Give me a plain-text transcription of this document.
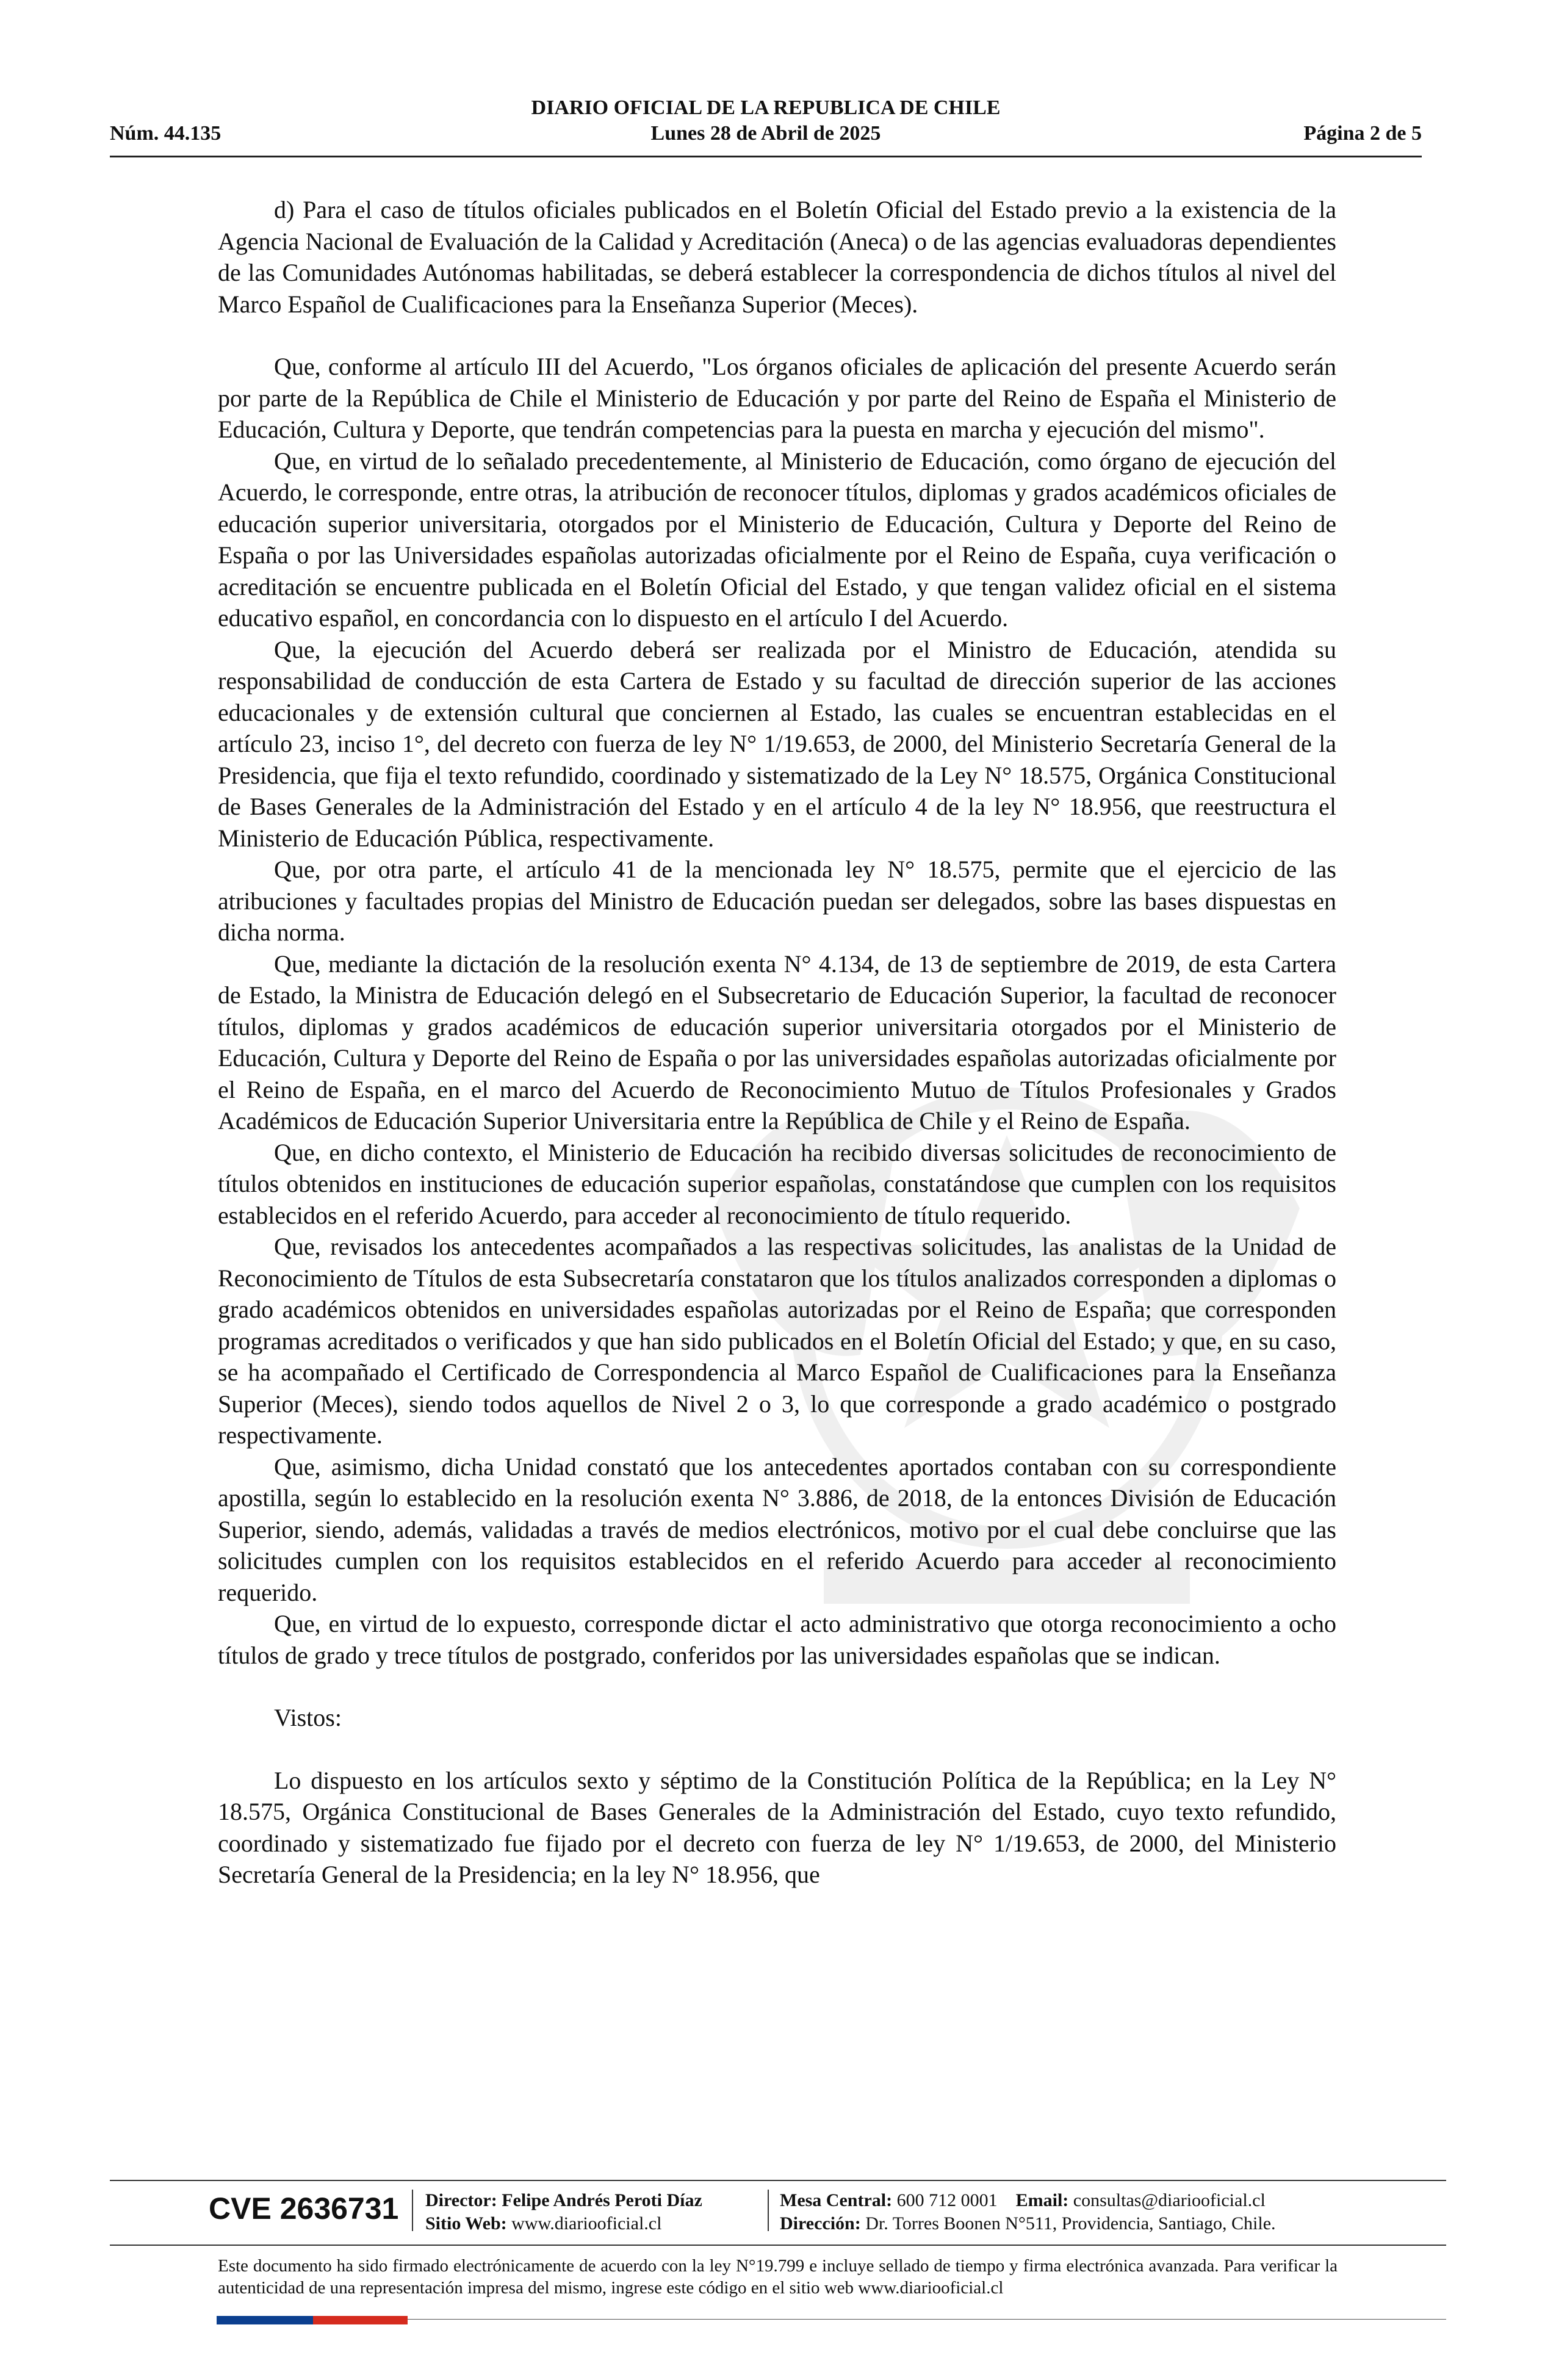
DIARIO OFICIAL DE LA REPUBLICA DE CHILE
Núm. 44.135	Lunes 28 de Abril de 2025	Página 2 de 5

d) Para el caso de títulos oficiales publicados en el Boletín Oficial del Estado previo a la existencia de la Agencia Nacional de Evaluación de la Calidad y Acreditación (Aneca) o de las agencias evaluadoras dependientes de las Comunidades Autónomas habilitadas, se deberá establecer la correspondencia de dichos títulos al nivel del Marco Español de Cualificaciones para la Enseñanza Superior (Meces).

Que, conforme al artículo III del Acuerdo, "Los órganos oficiales de aplicación del presente Acuerdo serán por parte de la República de Chile el Ministerio de Educación y por parte del Reino de España el Ministerio de Educación, Cultura y Deporte, que tendrán competencias para la puesta en marcha y ejecución del mismo".

Que, en virtud de lo señalado precedentemente, al Ministerio de Educación, como órgano de ejecución del Acuerdo, le corresponde, entre otras, la atribución de reconocer títulos, diplomas y grados académicos oficiales de educación superior universitaria, otorgados por el Ministerio de Educación, Cultura y Deporte del Reino de España o por las Universidades españolas autorizadas oficialmente por el Reino de España, cuya verificación o acreditación se encuentre publicada en el Boletín Oficial del Estado, y que tengan validez oficial en el sistema educativo español, en concordancia con lo dispuesto en el artículo I del Acuerdo.

Que, la ejecución del Acuerdo deberá ser realizada por el Ministro de Educación, atendida su responsabilidad de conducción de esta Cartera de Estado y su facultad de dirección superior de las acciones educacionales y de extensión cultural que conciernen al Estado, las cuales se encuentran establecidas en el artículo 23, inciso 1°, del decreto con fuerza de ley N° 1/19.653, de 2000, del Ministerio Secretaría General de la Presidencia, que fija el texto refundido, coordinado y sistematizado de la Ley N° 18.575, Orgánica Constitucional de Bases Generales de la Administración del Estado y en el artículo 4 de la ley N° 18.956, que reestructura el Ministerio de Educación Pública, respectivamente.

Que, por otra parte, el artículo 41 de la mencionada ley N° 18.575, permite que el ejercicio de las atribuciones y facultades propias del Ministro de Educación puedan ser delegados, sobre las bases dispuestas en dicha norma.

Que, mediante la dictación de la resolución exenta N° 4.134, de 13 de septiembre de 2019, de esta Cartera de Estado, la Ministra de Educación delegó en el Subsecretario de Educación Superior, la facultad de reconocer títulos, diplomas y grados académicos de educación superior universitaria otorgados por el Ministerio de Educación, Cultura y Deporte del Reino de España o por las universidades españolas autorizadas oficialmente por el Reino de España, en el marco del Acuerdo de Reconocimiento Mutuo de Títulos Profesionales y Grados Académicos de Educación Superior Universitaria entre la República de Chile y el Reino de España.

Que, en dicho contexto, el Ministerio de Educación ha recibido diversas solicitudes de reconocimiento de títulos obtenidos en instituciones de educación superior españolas, constatándose que cumplen con los requisitos establecidos en el referido Acuerdo, para acceder al reconocimiento de título requerido.

Que, revisados los antecedentes acompañados a las respectivas solicitudes, las analistas de la Unidad de Reconocimiento de Títulos de esta Subsecretaría constataron que los títulos analizados corresponden a diplomas o grado académicos obtenidos en universidades españolas autorizadas por el Reino de España; que corresponden programas acreditados o verificados y que han sido publicados en el Boletín Oficial del Estado; y que, en su caso, se ha acompañado el Certificado de Correspondencia al Marco Español de Cualificaciones para la Enseñanza Superior (Meces), siendo todos aquellos de Nivel 2 o 3, lo que corresponde a grado académico o postgrado respectivamente.

Que, asimismo, dicha Unidad constató que los antecedentes aportados contaban con su correspondiente apostilla, según lo establecido en la resolución exenta N° 3.886, de 2018, de la entonces División de Educación Superior, siendo, además, validadas a través de medios electrónicos, motivo por el cual debe concluirse que las solicitudes cumplen con los requisitos establecidos en el referido Acuerdo para acceder al reconocimiento requerido.

Que, en virtud de lo expuesto, corresponde dictar el acto administrativo que otorga reconocimiento a ocho títulos de grado y trece títulos de postgrado, conferidos por las universidades españolas que se indican.

Vistos:

Lo dispuesto en los artículos sexto y séptimo de la Constitución Política de la República; en la Ley N° 18.575, Orgánica Constitucional de Bases Generales de la Administración del Estado, cuyo texto refundido, coordinado y sistematizado fue fijado por el decreto con fuerza de ley N° 1/19.653, de 2000, del Ministerio Secretaría General de la Presidencia; en la ley N° 18.956, que

CVE 2636731 Director: Felipe Andrés Peroti Díaz
Sitio Web: www.diariooficial.cl
Mesa Central: 600 712 0001 Email: consultas@diariooficial.cl
Dirección: Dr. Torres Boonen N°511, Providencia, Santiago, Chile.
Este documento ha sido firmado electrónicamente de acuerdo con la ley N°19.799 e incluye sellado de tiempo y firma electrónica avanzada. Para verificar la autenticidad de una representación impresa del mismo, ingrese este código en el sitio web www.diariooficial.cl
